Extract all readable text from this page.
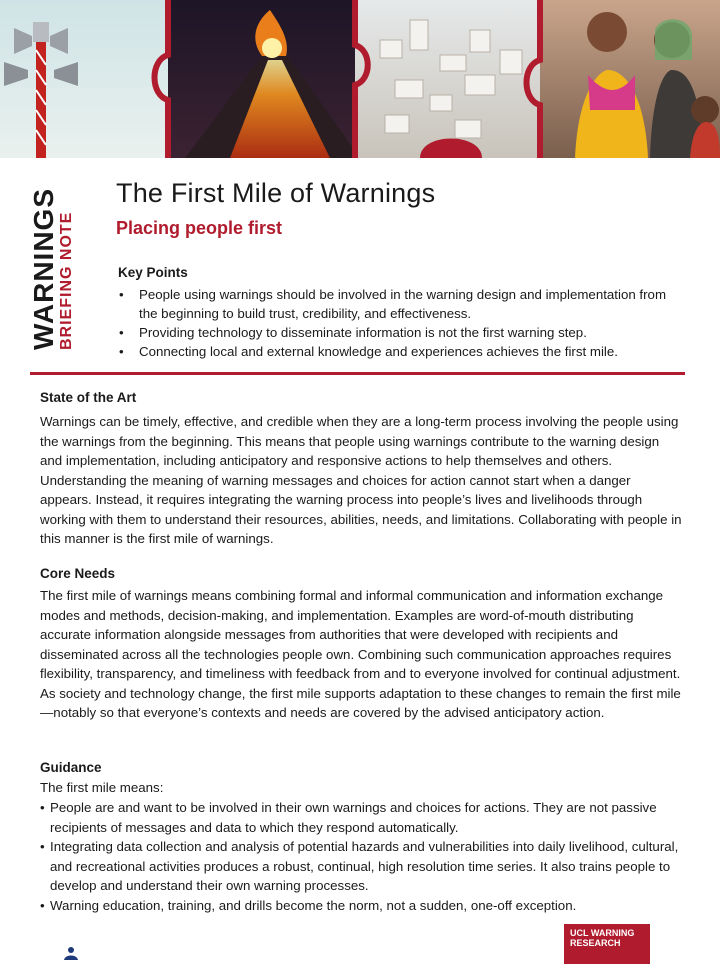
WARNINGS BRIEFING NOTE
The First Mile of Warnings
Placing people first
Key Points
• People using warnings should be involved in the warning design and implementation from the beginning to build trust, credibility, and effectiveness.
• Providing technology to disseminate information is not the first warning step.
• Connecting local and external knowledge and experiences achieves the first mile.
State of the Art

Warnings can be timely, effective, and credible when they are a long-term process involving the people using the warnings from the beginning. This means that people using warnings contribute to the warning design and implementation, including anticipatory and responsive actions to help themselves and others. Understanding the meaning of warning messages and choices for action cannot start when a danger appears. Instead, it requires integrating the warning process into people’s lives and livelihoods through working with them to understand their resources, abilities, needs, and limitations. Collaborating with people in this manner is the first mile of warnings.

Core Needs

The first mile of warnings means combining formal and informal communication and information exchange modes and methods, decision-making, and implementation. Examples are word-of-mouth distributing accurate information alongside messages from authorities that were developed with recipients and disseminated across all the technologies people own. Combining such communication approaches requires flexibility, transparency, and timeliness with feedback from and to everyone involved for continual adjustment. As society and technology change, the first mile supports adaptation to these changes to remain the first mile—notably so that everyone’s contexts and needs are covered by the advised anticipatory action.

Guidance

The first mile means:

• People are and want to be involved in their own warnings and choices for actions. They are not passive recipients of messages and data to which they respond automatically.
• Integrating data collection and analysis of potential hazards and vulnerabilities into daily livelihood, cultural, and recreational activities produces a robust, continual, high resolution time series. It also trains people to develop and understand their own warning processes.
• Warning education, training, and drills become the norm, not a sudden, one-off exception.
UCL WARNING RESEARCH
